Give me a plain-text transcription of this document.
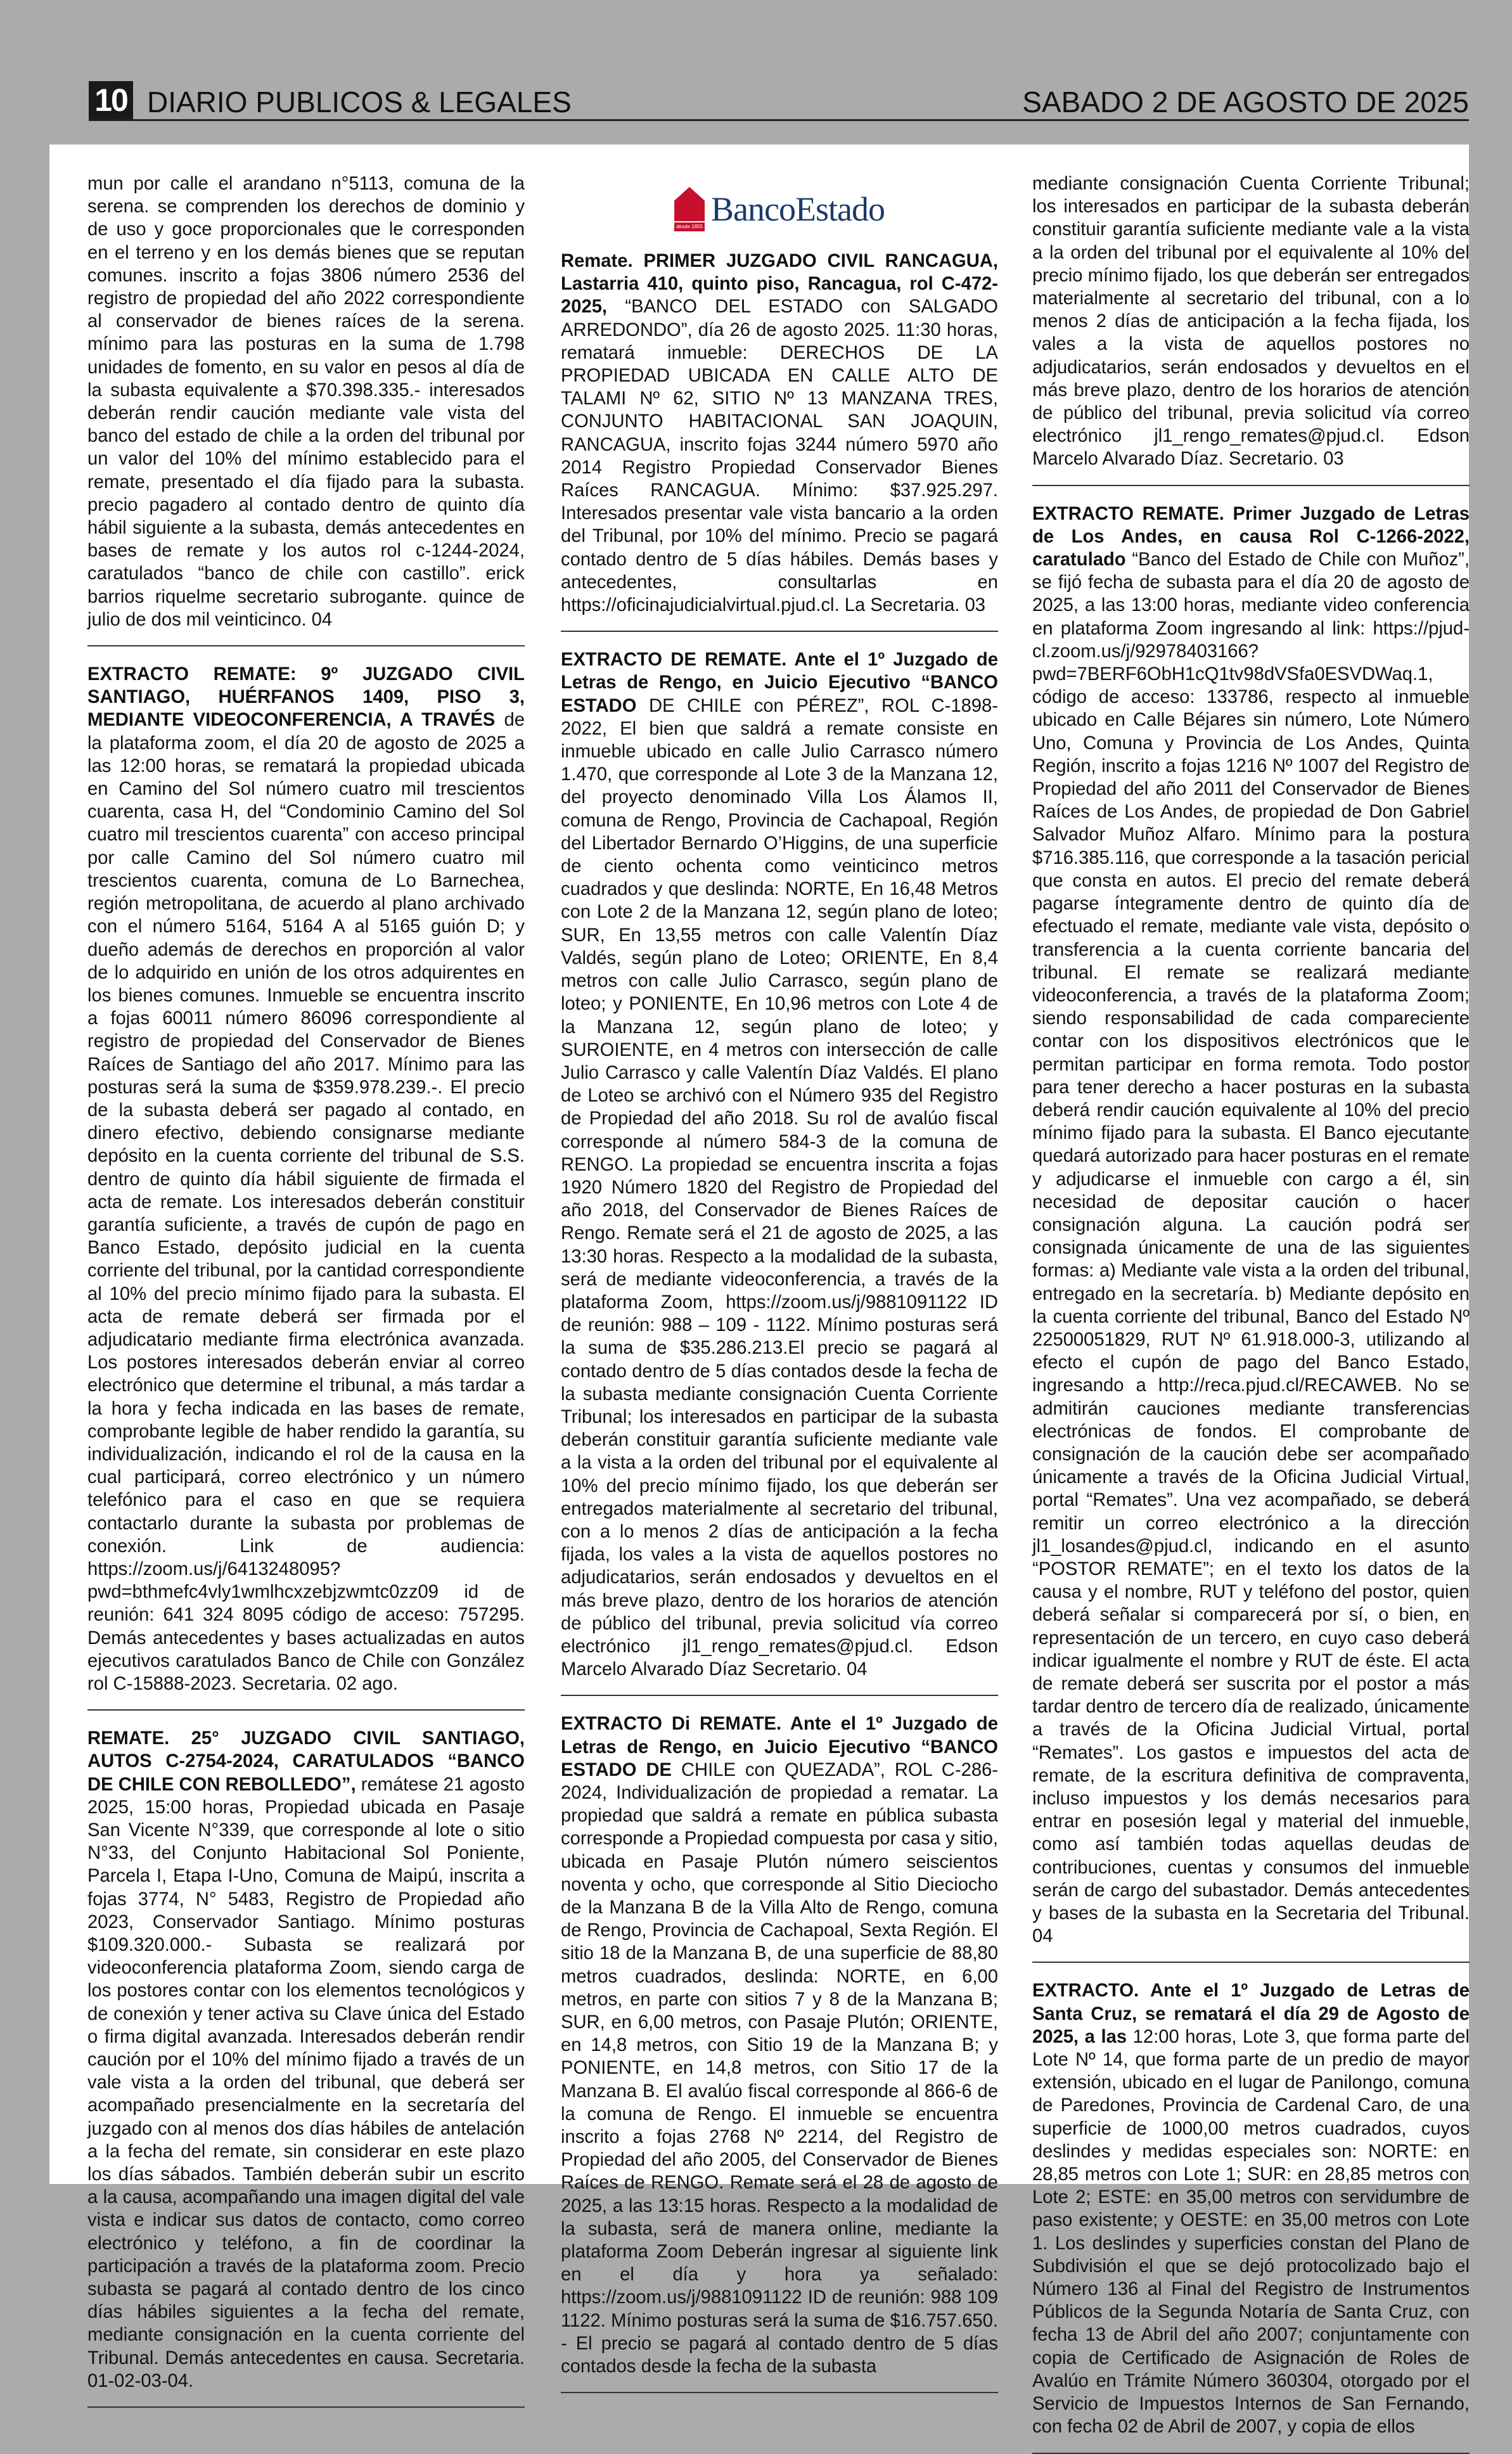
10 DIARIO PUBLICOS & LEGALES	SABADO 2 DE AGOSTO DE 2025

mun por calle el arandano n°5113, comuna de la serena. se comprenden los derechos de dominio y de uso y goce proporcionales que le corresponden en el terreno y en los demás bienes que se reputan comunes. inscrito a fojas 3806 número 2536 del registro de propiedad del año 2022 correspondiente al conservador de bienes raíces de la serena. mínimo para las posturas en la suma de 1.798 unidades de fomento, en su valor en pesos al día de la subasta equivalente a $70.398.335.- interesados deberán rendir caución mediante vale vista del banco del estado de chile a la orden del tribunal por un valor del 10% del mínimo establecido para el remate, presentado el día fijado para la subasta. precio pagadero al contado dentro de quinto día hábil siguiente a la subasta, demás antecedentes en bases de remate y los autos rol c-1244-2024, caratulados “banco de chile con castillo”. erick barrios riquelme secretario subrogante. quince de julio de dos mil veinticinco. 04

EXTRACTO REMATE: 9º JUZGADO CIVIL SANTIAGO, HUÉRFANOS 1409, PISO 3, MEDIANTE VIDEOCONFERENCIA, A TRAVÉS de la plataforma zoom, el día 20 de agosto de 2025 a las 12:00 horas, se rematará la propiedad ubicada en Camino del Sol número cuatro mil trescientos cuarenta, casa H, del “Condominio Camino del Sol cuatro mil trescientos cuarenta” con acceso principal por calle Camino del Sol número cuatro mil trescientos cuarenta, comuna de Lo Barnechea, región metropolitana, de acuerdo al plano archivado con el número 5164, 5164 A al 5165 guión D; y dueño además de derechos en proporción al valor de lo adquirido en unión de los otros adquirentes en los bienes comunes. Inmueble se encuentra inscrito a fojas 60011 número 86096 correspondiente al registro de propiedad del Conservador de Bienes Raíces de Santiago del año 2017. Mínimo para las posturas será la suma de $359.978.239.-. El precio de la subasta deberá ser pagado al contado, en dinero efectivo, debiendo consignarse mediante depósito en la cuenta corriente del tribunal de S.S. dentro de quinto día hábil siguiente de firmada el acta de remate. Los interesados deberán constituir garantía suficiente, a través de cupón de pago en Banco Estado, depósito judicial en la cuenta corriente del tribunal, por la cantidad correspondiente al 10% del precio mínimo fijado para la subasta. El acta de remate deberá ser firmada por el adjudicatario mediante firma electrónica avanzada. Los postores interesados deberán enviar al correo electrónico que determine el tribunal, a más tardar a la hora y fecha indicada en las bases de remate, comprobante legible de haber rendido la garantía, su individualización, indicando el rol de la causa en la cual participará, correo electrónico y un número telefónico para el caso en que se requiera contactarlo durante la subasta por problemas de conexión. Link de audiencia: https://zoom.us/j/6413248095? pwd=bthmefc4vly1wmlhcxzebjzwmtc0zz09 id de reunión: 641 324 8095 código de acceso: 757295. Demás antecedentes y bases actualizadas en autos ejecutivos caratulados Banco de Chile con González rol C-15888-2023. Secretaria. 02 ago.

REMATE. 25° JUZGADO CIVIL SANTIAGO, AUTOS C-2754-2024, CARATULADOS “BANCO DE CHILE CON REBOLLEDO”, remátese 21 agosto 2025, 15:00 horas, Propiedad ubicada en Pasaje San Vicente N°339, que corresponde al lote o sitio N°33, del Conjunto Habitacional Sol Poniente, Parcela I, Etapa I-Uno, Comuna de Maipú, inscrita a fojas 3774, N° 5483, Registro de Propiedad año 2023, Conservador Santiago. Mínimo posturas $109.320.000.- Subasta se realizará por videoconferencia plataforma Zoom, siendo carga de los postores contar con los elementos tecnológicos y de conexión y tener activa su Clave única del Estado o firma digital avanzada. Interesados deberán rendir caución por el 10% del mínimo fijado a través de un vale vista a la orden del tribunal, que deberá ser acompañado presencialmente en la secretaría del juzgado con al menos dos días hábiles de antelación a la fecha del remate, sin considerar en este plazo los días sábados. También deberán subir un escrito a la causa, acompañando una imagen digital del vale vista e indicar sus datos de contacto, como correo electrónico y teléfono, a fin de coordinar la participación a través de la plataforma zoom. Precio subasta se pagará al contado dentro de los cinco días hábiles siguientes a la fecha del remate, mediante consignación en la cuenta corriente del Tribunal. Demás antecedentes en causa. Secretaria. 01-02-03-04.

desde 1855 BancoEstado

Remate. PRIMER JUZGADO CIVIL RANCAGUA, Lastarria 410, quinto piso, Rancagua, rol C-472-2025, “BANCO DEL ESTADO con SALGADO ARREDONDO”, día 26 de agosto 2025. 11:30 horas, rematará inmueble: DERECHOS DE LA PROPIEDAD UBICADA EN CALLE ALTO DE TALAMI Nº 62, SITIO Nº 13 MANZANA TRES, CONJUNTO HABITACIONAL SAN JOAQUIN, RANCAGUA, inscrito fojas 3244 número 5970 año 2014 Registro Propiedad Conservador Bienes Raíces RANCAGUA. Mínimo: $37.925.297. Interesados presentar vale vista bancario a la orden del Tribunal, por 10% del mínimo. Precio se pagará contado dentro de 5 días hábiles. Demás bases y antecedentes, consultarlas en https://oficinajudicialvirtual.pjud.cl. La Secretaria. 03

EXTRACTO DE REMATE. Ante el 1º Juzgado de Letras de Rengo, en Juicio Ejecutivo “BANCO ESTADO DE CHILE con PÉREZ”, ROL C-1898-2022, El bien que saldrá a remate consiste en inmueble ubicado en calle Julio Carrasco número 1.470, que corresponde al Lote 3 de la Manzana 12, del proyecto denominado Villa Los Álamos II, comuna de Rengo, Provincia de Cachapoal, Región del Libertador Bernardo O’Higgins, de una superficie de ciento ochenta como veinticinco metros cuadrados y que deslinda: NORTE, En 16,48 Metros con Lote 2 de la Manzana 12, según plano de loteo; SUR, En 13,55 metros con calle Valentín Díaz Valdés, según plano de Loteo; ORIENTE, En 8,4 metros con calle Julio Carrasco, según plano de loteo; y PONIENTE, En 10,96 metros con Lote 4 de la Manzana 12, según plano de loteo; y SUROIENTE, en 4 metros con intersección de calle Julio Carrasco y calle Valentín Díaz Valdés. El plano de Loteo se archivó con el Número 935 del Registro de Propiedad del año 2018. Su rol de avalúo fiscal corresponde al número 584-3 de la comuna de RENGO. La propiedad se encuentra inscrita a fojas 1920 Número 1820 del Registro de Propiedad del año 2018, del Conservador de Bienes Raíces de Rengo. Remate será el 21 de agosto de 2025, a las 13:30 horas. Respecto a la modalidad de la subasta, será de mediante videoconferencia, a través de la plataforma Zoom, https://zoom.us/j/9881091122 ID de reunión: 988 – 109 - 1122. Mínimo posturas será la suma de $35.286.213.El precio se pagará al contado dentro de 5 días contados desde la fecha de la subasta mediante consignación Cuenta Corriente Tribunal; los interesados en participar de la subasta deberán constituir garantía suficiente mediante vale a la vista a la orden del tribunal por el equivalente al 10% del precio mínimo fijado, los que deberán ser entregados materialmente al secretario del tribunal, con a lo menos 2 días de anticipación a la fecha fijada, los vales a la vista de aquellos postores no adjudicatarios, serán endosados y devueltos en el más breve plazo, dentro de los horarios de atención de público del tribunal, previa solicitud vía correo electrónico jl1_rengo_remates@pjud.cl. Edson Marcelo Alvarado Díaz Secretario. 04

EXTRACTO Di REMATE. Ante el 1º Juzgado de Letras de Rengo, en Juicio Ejecutivo “BANCO ESTADO DE CHILE con QUEZADA”, ROL C-286-2024, Individualización de propiedad a rematar. La propiedad que saldrá a remate en pública subasta corresponde a Propiedad compuesta por casa y sitio, ubicada en Pasaje Plutón número seiscientos noventa y ocho, que corresponde al Sitio Dieciocho de la Manzana B de la Villa Alto de Rengo, comuna de Rengo, Provincia de Cachapoal, Sexta Región. El sitio 18 de la Manzana B, de una superficie de 88,80 metros cuadrados, deslinda: NORTE, en 6,00 metros, en parte con sitios 7 y 8 de la Manzana B; SUR, en 6,00 metros, con Pasaje Plutón; ORIENTE, en 14,8 metros, con Sitio 19 de la Manzana B; y PONIENTE, en 14,8 metros, con Sitio 17 de la Manzana B. El avalúo fiscal corresponde al 866-6 de la comuna de Rengo. El inmueble se encuentra inscrito a fojas 2768 Nº 2214, del Registro de Propiedad del año 2005, del Conservador de Bienes Raíces de RENGO. Remate será el 28 de agosto de 2025, a las 13:15 horas. Respecto a la modalidad de la subasta, será de manera online, mediante la plataforma Zoom Deberán ingresar al siguiente link en el día y hora ya señalado: https://zoom.us/j/9881091122 ID de reunión: 988 109 1122. Mínimo posturas será la suma de $16.757.650. - El precio se pagará al contado dentro de 5 días contados desde la fecha de la subasta

mediante consignación Cuenta Corriente Tribunal; los interesados en participar de la subasta deberán constituir garantía suficiente mediante vale a la vista a la orden del tribunal por el equivalente al 10% del precio mínimo fijado, los que deberán ser entregados materialmente al secretario del tribunal, con a lo menos 2 días de anticipación a la fecha fijada, los vales a la vista de aquellos postores no adjudicatarios, serán endosados y devueltos en el más breve plazo, dentro de los horarios de atención de público del tribunal, previa solicitud vía correo electrónico jl1_rengo_remates@pjud.cl. Edson Marcelo Alvarado Díaz. Secretario. 03

EXTRACTO REMATE. Primer Juzgado de Letras de Los Andes, en causa Rol C-1266-2022, caratulado “Banco del Estado de Chile con Muñoz”, se fijó fecha de subasta para el día 20 de agosto de 2025, a las 13:00 horas, mediante video conferencia en plataforma Zoom ingresando al link: https://pjud-cl.zoom.us/j/92978403166?pwd=7BERF6ObH1cQ1tv98dVSfa0ESVDWaq.1, código de acceso: 133786, respecto al inmueble ubicado en Calle Béjares sin número, Lote Número Uno, Comuna y Provincia de Los Andes, Quinta Región, inscrito a fojas 1216 Nº 1007 del Registro de Propiedad del año 2011 del Conservador de Bienes Raíces de Los Andes, de propiedad de Don Gabriel Salvador Muñoz Alfaro. Mínimo para la postura $716.385.116, que corresponde a la tasación pericial que consta en autos. El precio del remate deberá pagarse íntegramente dentro de quinto día de efectuado el remate, mediante vale vista, depósito o transferencia a la cuenta corriente bancaria del tribunal. El remate se realizará mediante videoconferencia, a través de la plataforma Zoom; siendo responsabilidad de cada compareciente contar con los dispositivos electrónicos que le permitan participar en forma remota. Todo postor para tener derecho a hacer posturas en la subasta deberá rendir caución equivalente al 10% del precio mínimo fijado para la subasta. El Banco ejecutante quedará autorizado para hacer posturas en el remate y adjudicarse el inmueble con cargo a él, sin necesidad de depositar caución o hacer consignación alguna. La caución podrá ser consignada únicamente de una de las siguientes formas: a) Mediante vale vista a la orden del tribunal, entregado en la secretaría. b) Mediante depósito en la cuenta corriente del tribunal, Banco del Estado Nº 22500051829, RUT Nº 61.918.000-3, utilizando al efecto el cupón de pago del Banco Estado, ingresando a http://reca.pjud.cl/RECAWEB. No se admitirán cauciones mediante transferencias electrónicas de fondos. El comprobante de consignación de la caución debe ser acompañado únicamente a través de la Oficina Judicial Virtual, portal “Remates”. Una vez acompañado, se deberá remitir un correo electrónico a la dirección jl1_losandes@pjud.cl, indicando en el asunto “POSTOR REMATE”; en el texto los datos de la causa y el nombre, RUT y teléfono del postor, quien deberá señalar si comparecerá por sí, o bien, en representación de un tercero, en cuyo caso deberá indicar igualmente el nombre y RUT de éste. El acta de remate deberá ser suscrita por el postor a más tardar dentro de tercero día de realizado, únicamente a través de la Oficina Judicial Virtual, portal “Remates”. Los gastos e impuestos del acta de remate, de la escritura definitiva de compraventa, incluso impuestos y los demás necesarios para entrar en posesión legal y material del inmueble, como así también todas aquellas deudas de contribuciones, cuentas y consumos del inmueble serán de cargo del subastador. Demás antecedentes y bases de la subasta en la Secretaria del Tribunal. 04

EXTRACTO. Ante el 1º Juzgado de Letras de Santa Cruz, se rematará el día 29 de Agosto de 2025, a las 12:00 horas, Lote 3, que forma parte del Lote Nº 14, que forma parte de un predio de mayor extensión, ubicado en el lugar de Panilongo, comuna de Paredones, Provincia de Cardenal Caro, de una superficie de 1000,00 metros cuadrados, cuyos deslindes y medidas especiales son: NORTE: en 28,85 metros con Lote 1; SUR: en 28,85 metros con Lote 2; ESTE: en 35,00 metros con servidumbre de paso existente; y OESTE: en 35,00 metros con Lote 1. Los deslindes y superficies constan del Plano de Subdivisión el que se dejó protocolizado bajo el Número 136 al Final del Registro de Instrumentos Públicos de la Segunda Notaría de Santa Cruz, con fecha 13 de Abril del año 2007; conjuntamente con copia de Certificado de Asignación de Roles de Avalúo en Trámite Número 360304, otorgado por el Servicio de Impuestos Internos de San Fernando, con fecha 02 de Abril de 2007, y copia de ellos
